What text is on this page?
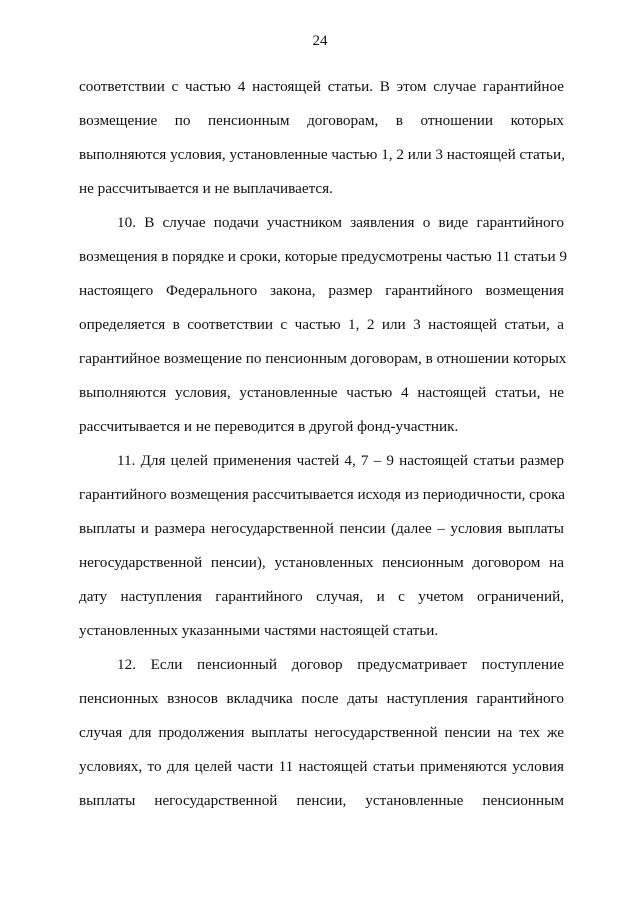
24
соответствии с частью 4 настоящей статьи. В этом случае гарантийное
возмещение по пенсионным договорам, в отношении которых
выполняются условия, установленные частью 1, 2 или 3 настоящей статьи,
не рассчитывается и не выплачивается.
10. В случае подачи участником заявления о виде гарантийного
возмещения в порядке и сроки, которые предусмотрены частью 11 статьи 9
настоящего Федерального закона, размер гарантийного возмещения
определяется в соответствии с частью 1, 2 или 3 настоящей статьи, а
гарантийное возмещение по пенсионным договорам, в отношении которых
выполняются условия, установленные частью 4 настоящей статьи, не
рассчитывается и не переводится в другой фонд-участник.
11. Для целей применения частей 4, 7 – 9 настоящей статьи размер
гарантийного возмещения рассчитывается исходя из периодичности, срока
выплаты и размера негосударственной пенсии (далее – условия выплаты
негосударственной пенсии), установленных пенсионным договором на
дату наступления гарантийного случая, и с учетом ограничений,
установленных указанными частями настоящей статьи.
12. Если пенсионный договор предусматривает поступление
пенсионных взносов вкладчика после даты наступления гарантийного
случая для продолжения выплаты негосударственной пенсии на тех же
условиях, то для целей части 11 настоящей статьи применяются условия
выплаты негосударственной пенсии, установленные пенсионным
